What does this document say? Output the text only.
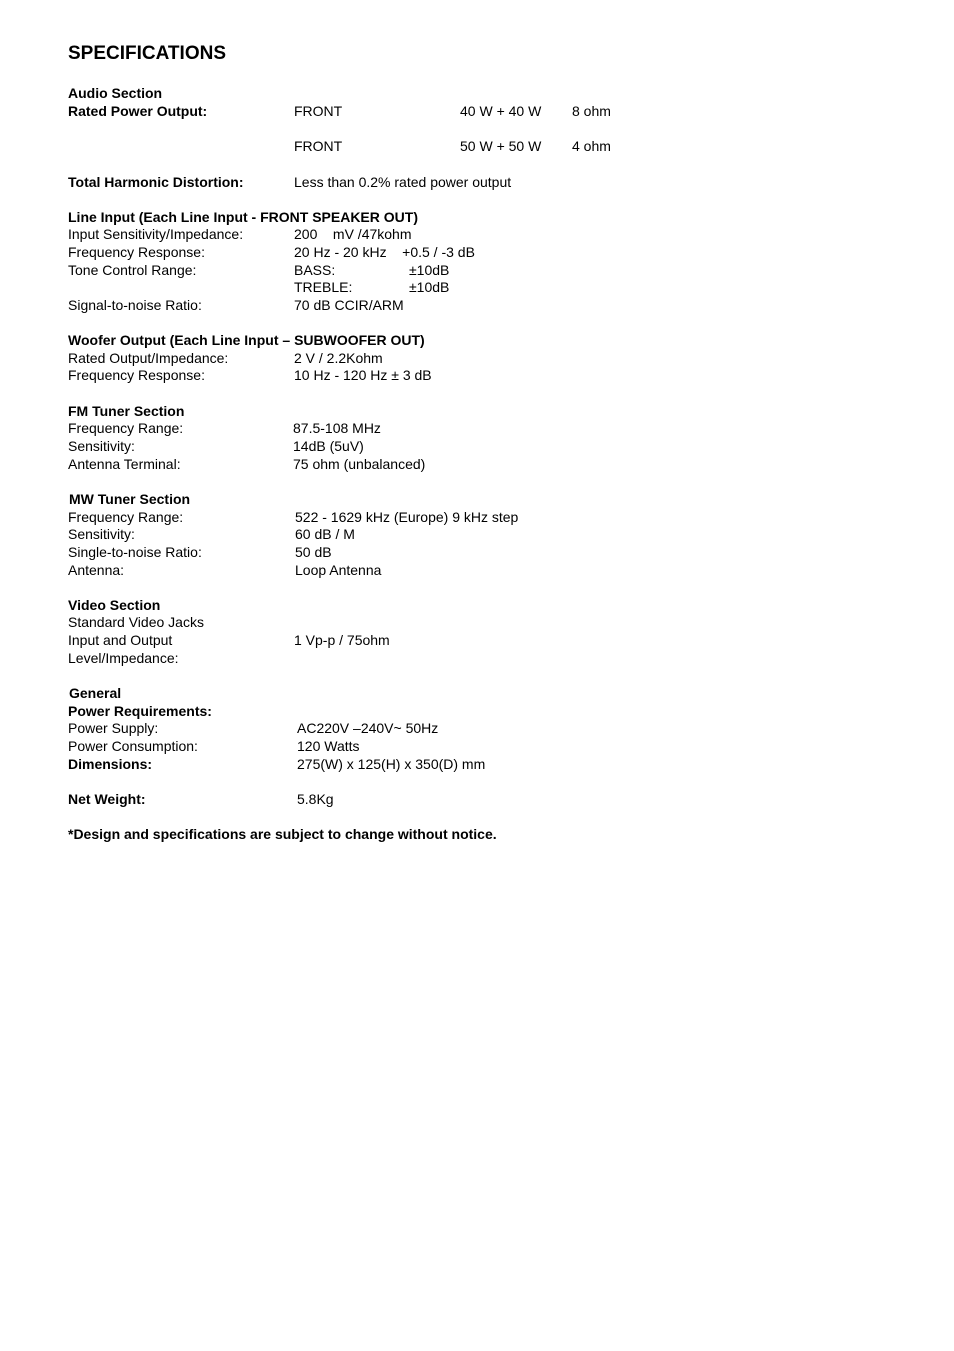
SPECIFICATIONS
Audio Section
Rated Power Output:	FRONT	40 W + 40 W 8 ohm
FRONT	50 W + 50 W 4 ohm
Total Harmonic Distortion:	Less than 0.2% rated power output
Line Input (Each Line Input - FRONT SPEAKER OUT)
Input Sensitivity/Impedance:	200    mV /47kohm
Frequency Response:	20 Hz - 20 kHz    +0.5 / -3 dB
Tone Control Range:	BASS:	±10dB
TREBLE:	±10dB
Signal-to-noise Ratio:	70 dB CCIR/ARM
Woofer Output (Each Line Input – SUBWOOFER OUT)
Rated Output/Impedance:	2 V / 2.2Kohm
Frequency Response:	10 Hz - 120 Hz ± 3 dB
FM Tuner Section
Frequency Range:	87.5-108 MHz
Sensitivity:	14dB (5uV)
Antenna Terminal:	75 ohm (unbalanced)
MW Tuner Section
Frequency Range:	522 - 1629 kHz (Europe) 9 kHz step
Sensitivity:	60 dB / M
Single-to-noise Ratio:	50 dB
Antenna:	Loop Antenna
Video Section
Standard Video Jacks
Input and Output	1 Vp-p / 75ohm
Level/Impedance:
General
Power Requirements:
Power Supply:	AC220V –240V~ 50Hz
Power Consumption:	120 Watts
Dimensions:	275(W) x 125(H) x 350(D) mm
Net Weight:	5.8Kg
*Design and specifications are subject to change without notice.
